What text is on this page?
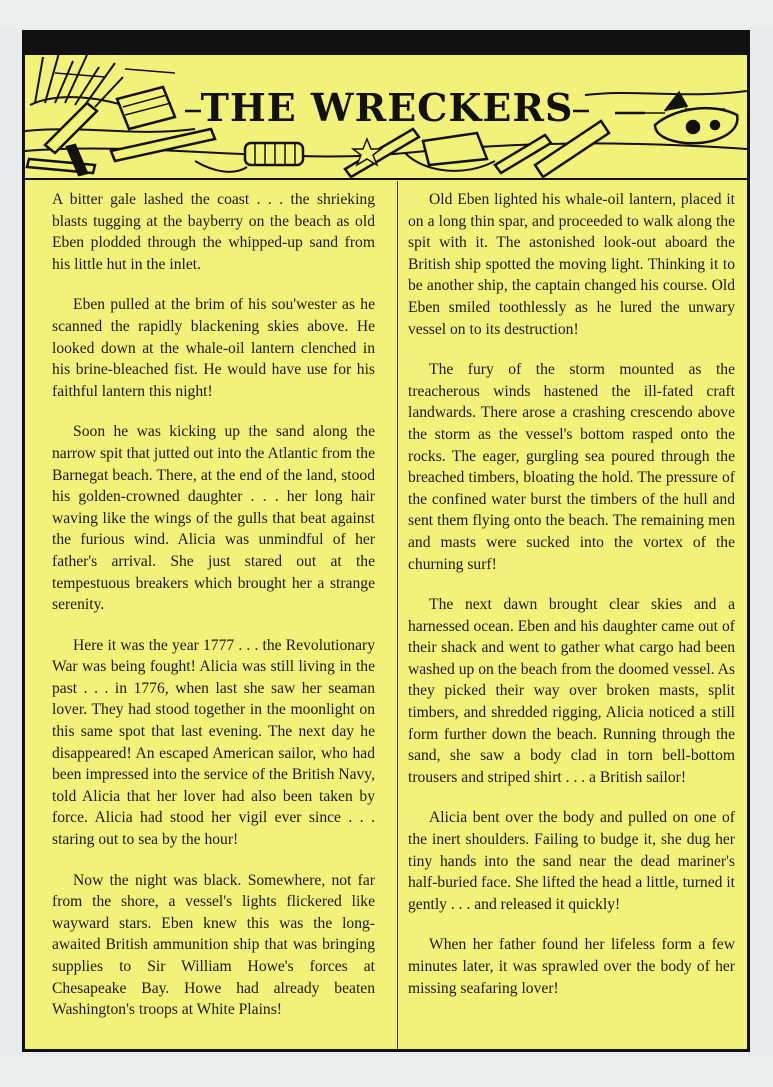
THE WRECKERS

A bitter gale lashed the coast . . . the shrieking blasts tugging at the bayberry on the beach as old Eben plodded through the whipped-up sand from his little hut in the inlet.

Eben pulled at the brim of his sou'wester as he scanned the rapidly blackening skies above. He looked down at the whale-oil lantern clenched in his brine-bleached fist. He would have use for his faithful lantern this night!

Soon he was kicking up the sand along the narrow spit that jutted out into the Atlantic from the Barnegat beach. There, at the end of the land, stood his golden-crowned daughter . . . her long hair waving like the wings of the gulls that beat against the furious wind. Alicia was unmindful of her father's arrival. She just stared out at the tempestuous breakers which brought her a strange serenity.

Here it was the year 1777 . . . the Revolutionary War was being fought! Alicia was still living in the past . . . in 1776, when last she saw her seaman lover. They had stood together in the moonlight on this same spot that last evening. The next day he disappeared! An escaped American sailor, who had been impressed into the service of the British Navy, told Alicia that her lover had also been taken by force. Alicia had stood her vigil ever since . . . staring out to sea by the hour!

Now the night was black. Somewhere, not far from the shore, a vessel's lights flickered like wayward stars. Eben knew this was the long-awaited British ammunition ship that was bringing supplies to Sir William Howe's forces at Chesapeake Bay. Howe had already beaten Washington's troops at White Plains!

Old Eben lighted his whale-oil lantern, placed it on a long thin spar, and proceeded to walk along the spit with it. The astonished look-out aboard the British ship spotted the moving light. Thinking it to be another ship, the captain changed his course. Old Eben smiled toothlessly as he lured the unwary vessel on to its destruction!

The fury of the storm mounted as the treacherous winds hastened the ill-fated craft landwards. There arose a crashing crescendo above the storm as the vessel's bottom rasped onto the rocks. The eager, gurgling sea poured through the breached timbers, bloating the hold. The pressure of the confined water burst the timbers of the hull and sent them flying onto the beach. The remaining men and masts were sucked into the vortex of the churning surf!

The next dawn brought clear skies and a harnessed ocean. Eben and his daughter came out of their shack and went to gather what cargo had been washed up on the beach from the doomed vessel. As they picked their way over broken masts, split timbers, and shredded rigging, Alicia noticed a still form further down the beach. Running through the sand, she saw a body clad in torn bell-bottom trousers and striped shirt . . . a British sailor!

Alicia bent over the body and pulled on one of the inert shoulders. Failing to budge it, she dug her tiny hands into the sand near the dead mariner's half-buried face. She lifted the head a little, turned it gently . . . and released it quickly!

When her father found her lifeless form a few minutes later, it was sprawled over the body of her missing seafaring lover!
